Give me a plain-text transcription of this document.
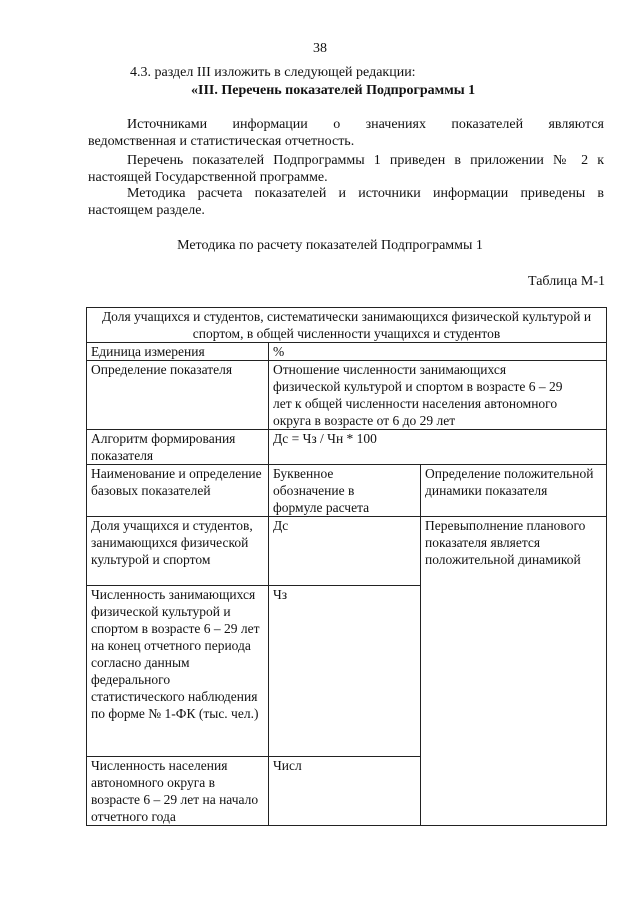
38
4.3. раздел III изложить в следующей редакции:
«III. Перечень показателей Подпрограммы 1
Источниками информации о значениях показателей являются
ведомственная и статистическая отчетность.
Перечень показателей Подпрограммы 1 приведен в приложении № 2 к
настоящей Государственной программе.
Методика расчета показателей и источники информации приведены в
настоящем разделе.
Методика по расчету показателей Подпрограммы 1
Таблица М-1
Доля учащихся и студентов, систематически занимающихся физической культурой и спортом, в общей численности учащихся и студентов		
Единица измерения	%	
Определение показателя	Отношение численности занимающихся физической культурой и спортом в возрасте 6 – 29 лет к общей численности населения автономного округа в возрасте от 6 до 29 лет	

Алгоритм формирования показателя	Дс = Чз / Чн * 100	
Наименование и определение базовых показателей	Буквенное обозначение в формуле расчета	Определение положительной динамики показателя
Доля учащихся и студентов, занимающихся физической культурой и спортом	Дс	Перевыполнение планового показателя является положительной динамикой
Численность занимающихся физической культурой и спортом в возрасте 6 – 29 лет на конец отчетного периода согласно данным федерального статистического наблюдения по форме № 1-ФК (тыс. чел.)	Чз	
Численность населения автономного округа в возрасте 6 – 29 лет на начало отчетного года	Числ	
